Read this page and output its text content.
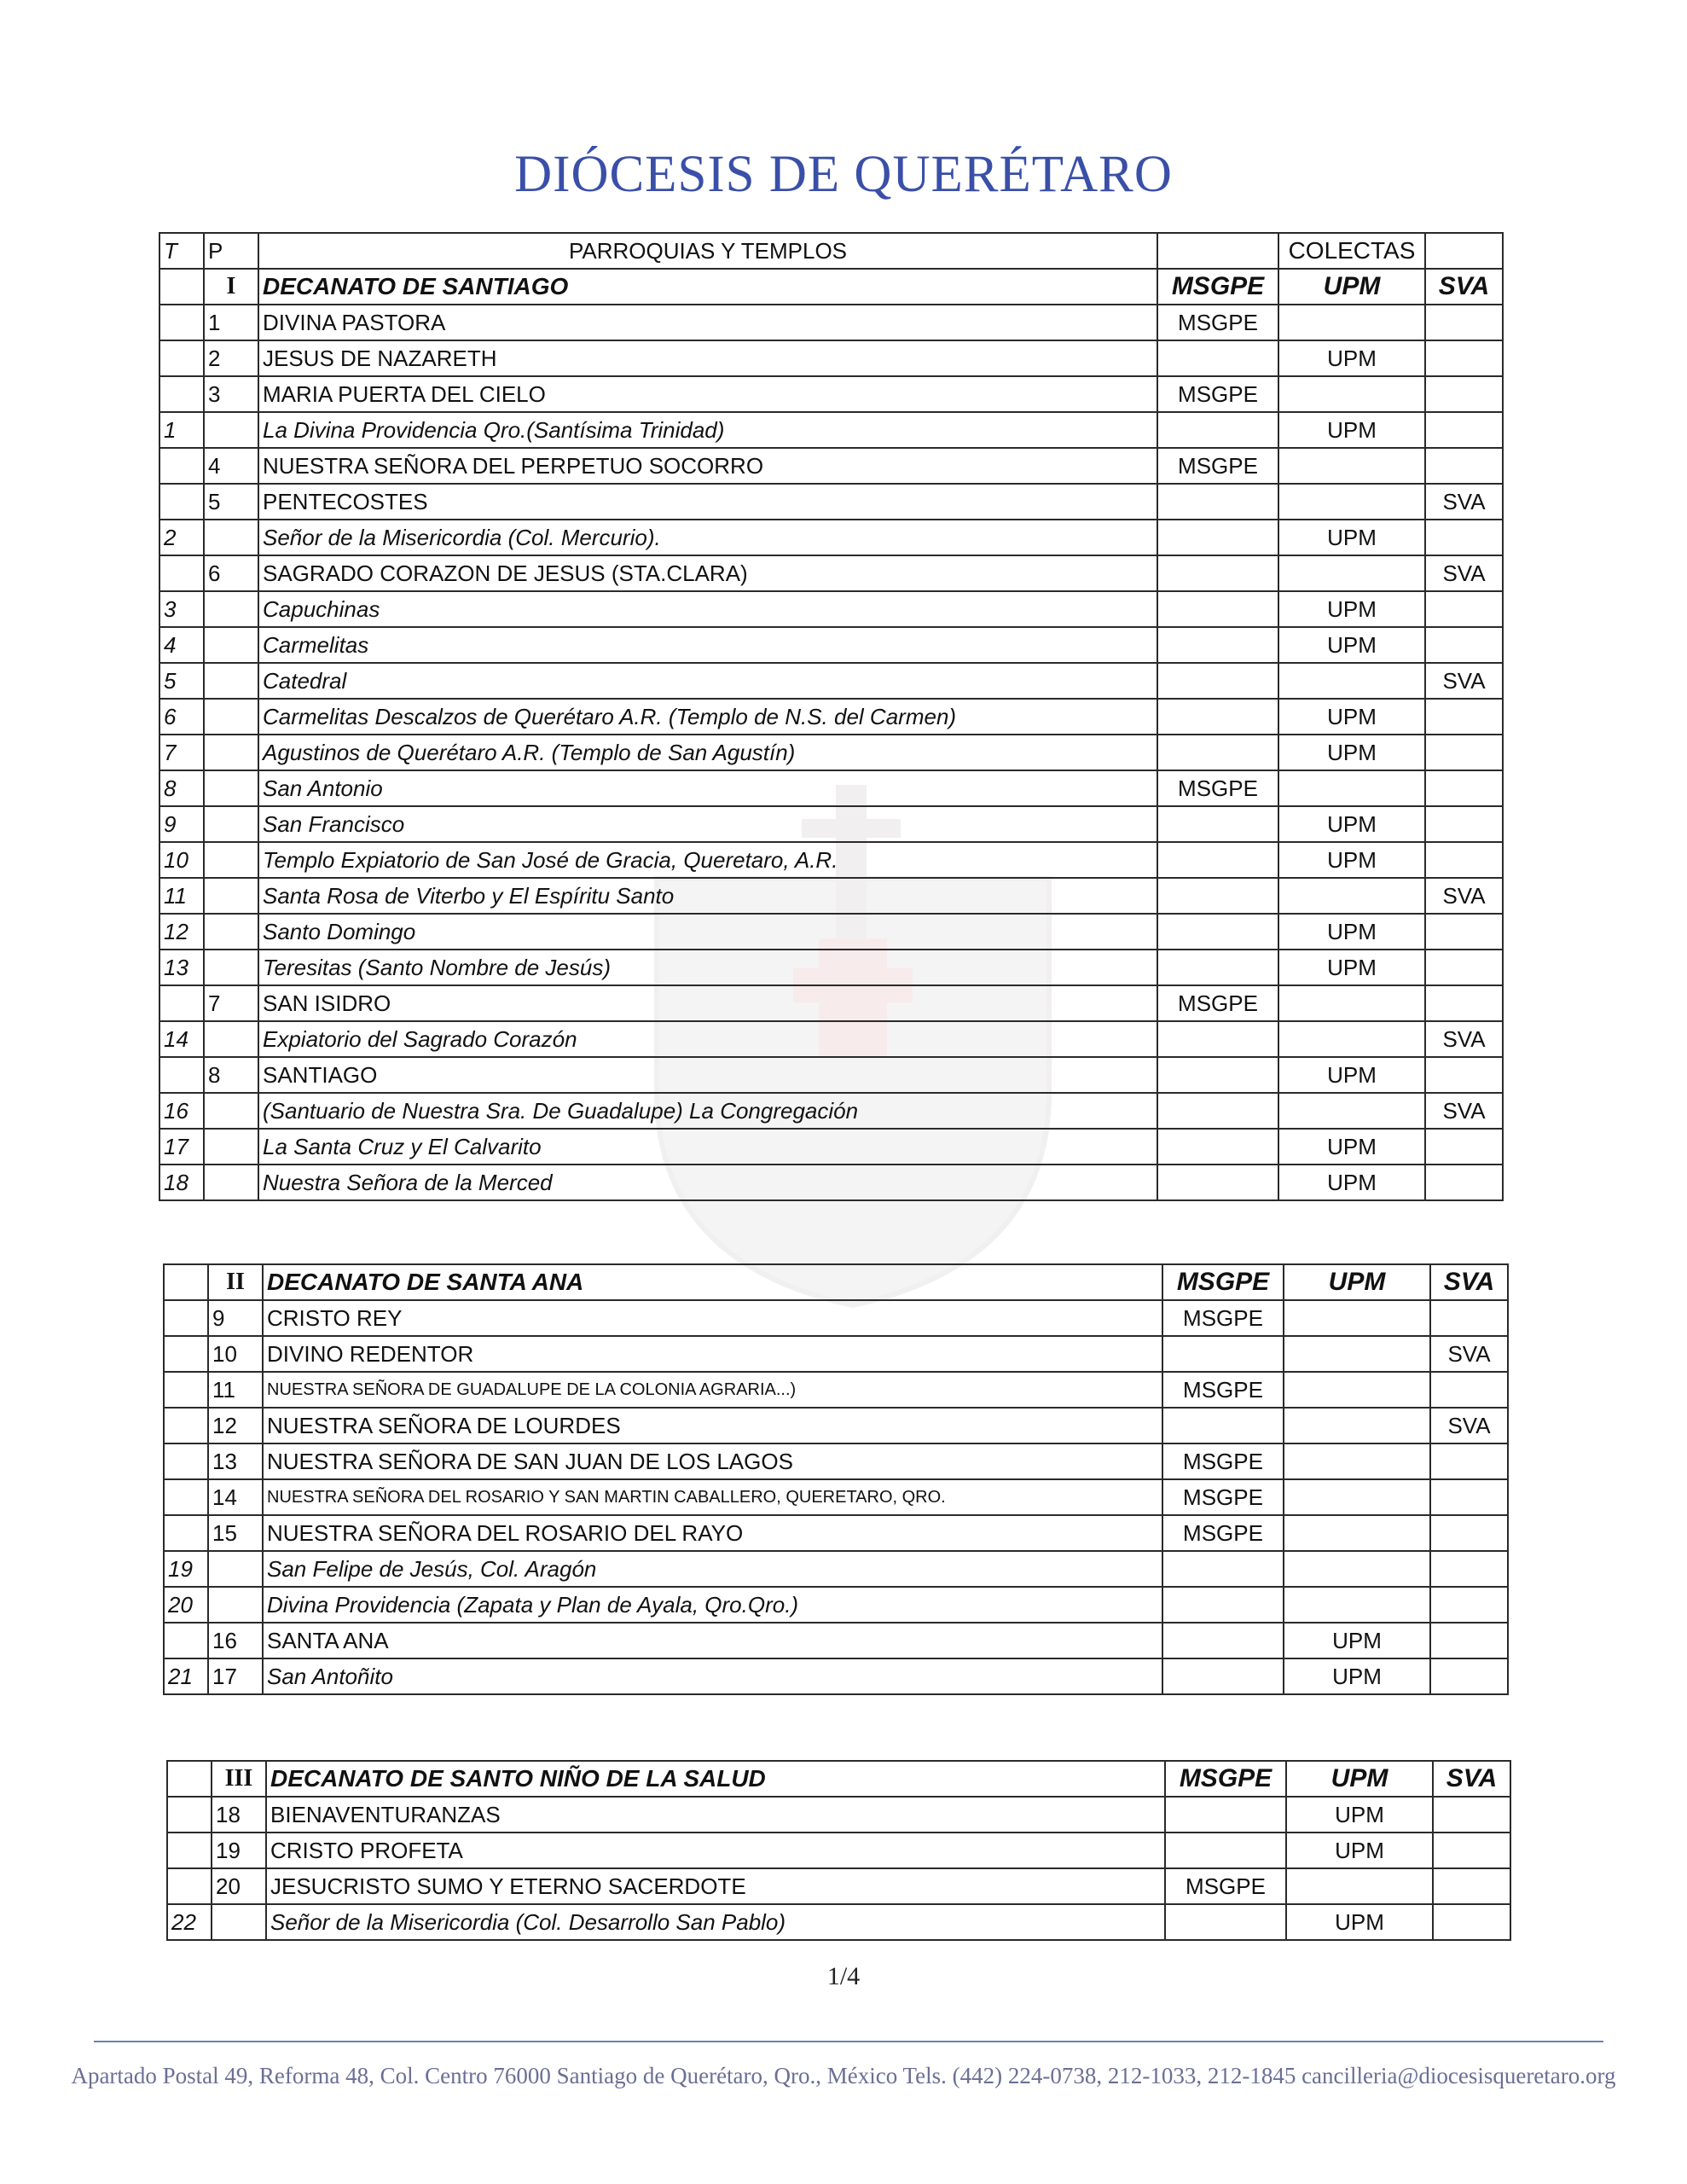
DIÓCESIS DE QUERÉTARO
T	P	PARROQUIAS Y TEMPLOS		COLECTAS	
	I	DECANATO DE SANTIAGO	MSGPE	UPM	SVA
	1	DIVINA PASTORA	MSGPE		
	2	JESUS DE NAZARETH		UPM	
	3	MARIA PUERTA DEL CIELO	MSGPE		
1		La Divina Providencia Qro.(Santísima Trinidad)		UPM	
	4	NUESTRA SEÑORA DEL PERPETUO SOCORRO	MSGPE		
	5	PENTECOSTES			SVA
2		Señor de la Misericordia (Col. Mercurio).		UPM	
	6	SAGRADO CORAZON DE JESUS (STA.CLARA)			SVA
3		Capuchinas		UPM	
4		Carmelitas		UPM	
5		Catedral			SVA
6		Carmelitas Descalzos de Querétaro A.R. (Templo de N.S. del Carmen)		UPM	
7		Agustinos de Querétaro A.R. (Templo de San Agustín)		UPM	
8		San Antonio	MSGPE		
9		San Francisco		UPM	
10		Templo Expiatorio de San José de Gracia, Queretaro, A.R.		UPM	
11		Santa Rosa de Viterbo y El Espíritu Santo			SVA
12		Santo Domingo		UPM	
13		Teresitas (Santo Nombre de Jesús)		UPM	
	7	SAN ISIDRO	MSGPE		
14		Expiatorio del Sagrado Corazón			SVA
	8	SANTIAGO		UPM	
16		(Santuario de Nuestra Sra. De Guadalupe) La Congregación			SVA
17		La Santa Cruz y El Calvarito		UPM	
18		Nuestra Señora de la Merced		UPM	
	II	DECANATO DE SANTA ANA	MSGPE	UPM	SVA
	9	CRISTO REY	MSGPE		
	10	DIVINO REDENTOR			SVA
	11	NUESTRA SEÑORA DE GUADALUPE DE LA COLONIA AGRARIA...)	MSGPE		
	12	NUESTRA SEÑORA DE LOURDES			SVA
	13	NUESTRA SEÑORA DE SAN JUAN DE LOS LAGOS	MSGPE		
	14	NUESTRA SEÑORA DEL ROSARIO Y SAN MARTIN CABALLERO, QUERETARO, QRO.	MSGPE		
	15	NUESTRA SEÑORA DEL ROSARIO DEL RAYO	MSGPE		
19		San Felipe de Jesús, Col. Aragón			
20		Divina Providencia (Zapata y Plan de Ayala, Qro.Qro.)			
	16	SANTA ANA		UPM	
21	17	San Antoñito		UPM	
	III	DECANATO DE SANTO NIÑO DE LA SALUD	MSGPE	UPM	SVA
	18	BIENAVENTURANZAS		UPM	
	19	CRISTO PROFETA		UPM	
	20	JESUCRISTO SUMO Y ETERNO SACERDOTE	MSGPE		
22		Señor de la Misericordia (Col. Desarrollo San Pablo)		UPM	
1/4
Apartado Postal 49, Reforma 48, Col. Centro 76000 Santiago de Querétaro, Qro., México Tels. (442) 224-0738, 212-1033, 212-1845 cancilleria@diocesisqueretaro.org
